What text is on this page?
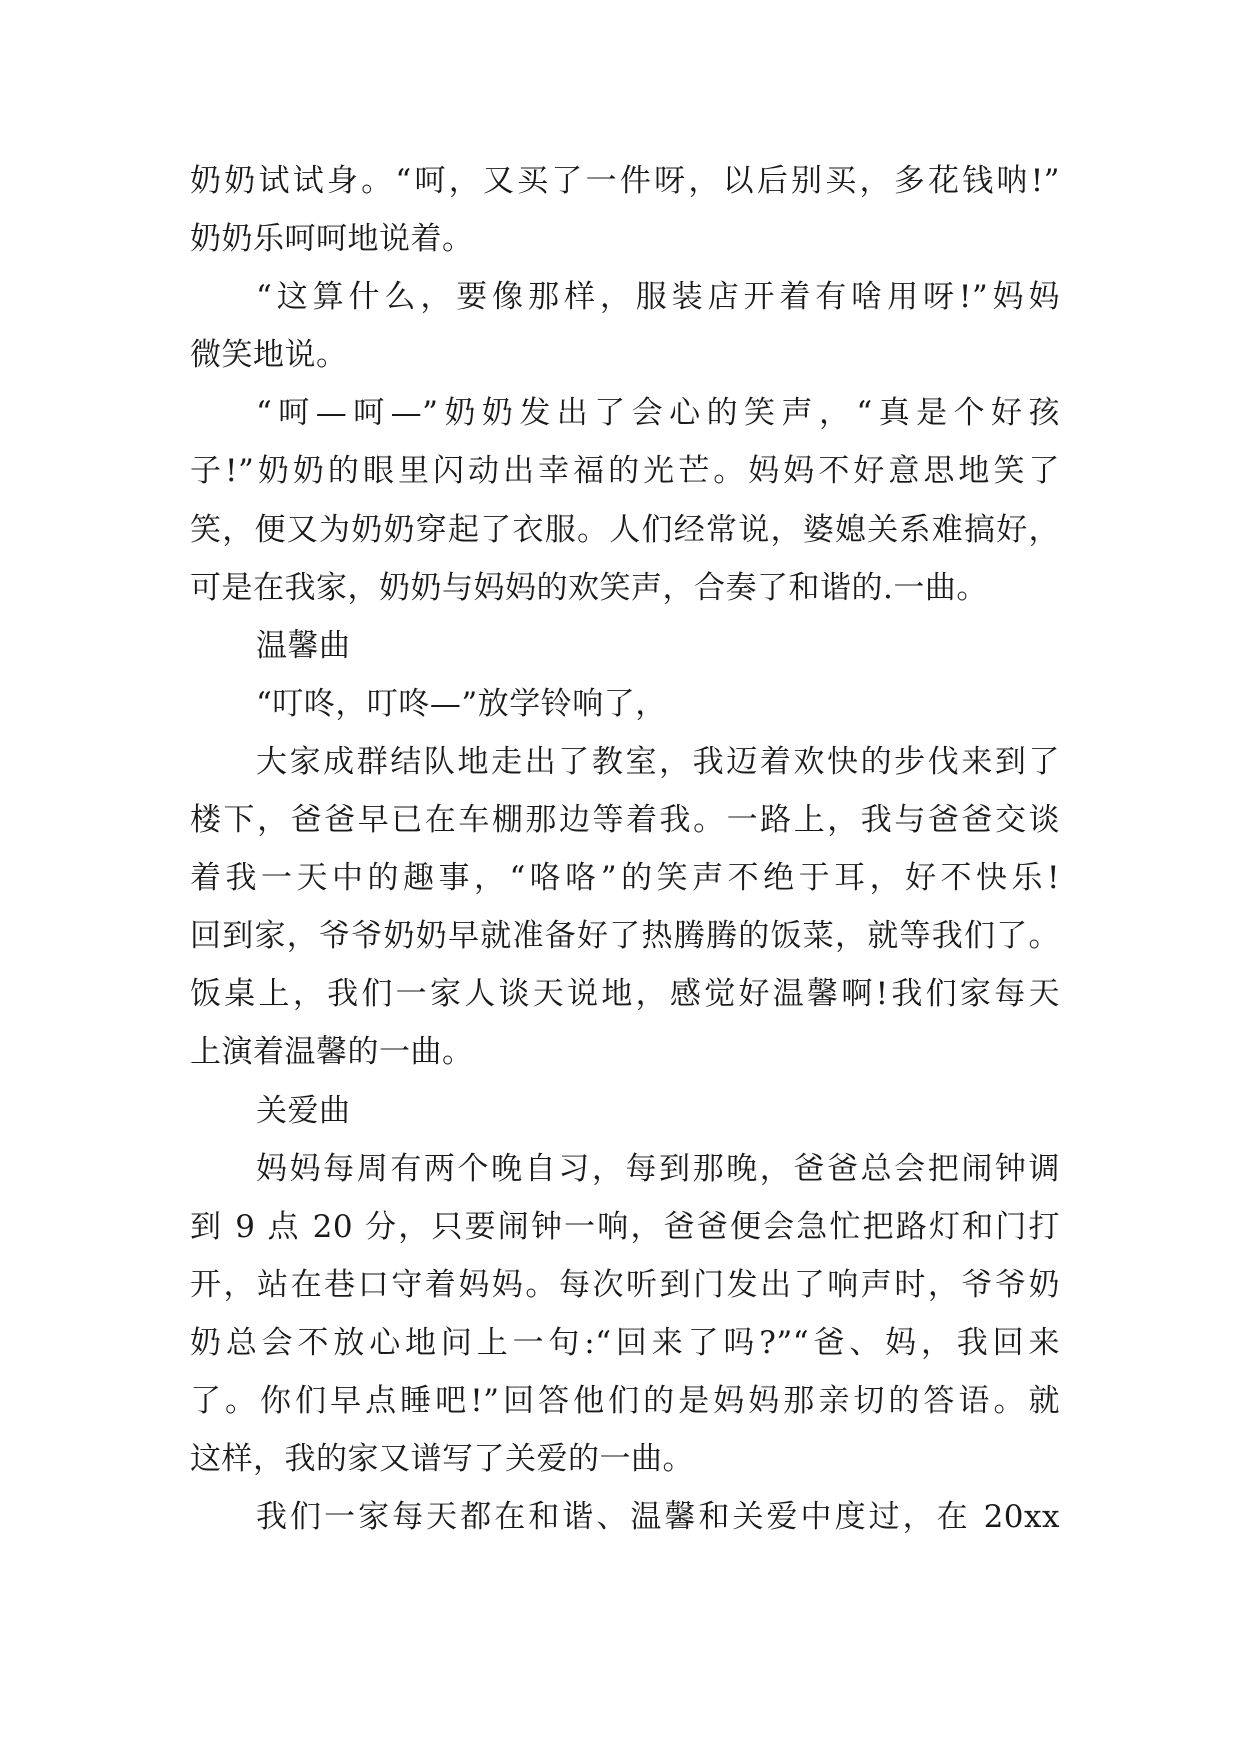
奶奶试试身。“呵，又买了一件呀，以后别买，多花钱呐!”
奶奶乐呵呵地说着。
“这算什么，要像那样，服装店开着有啥用呀!”妈妈
微笑地说。
“呵—呵—”奶奶发出了会心的笑声，“真是个好孩
子!”奶奶的眼里闪动出幸福的光芒。妈妈不好意思地笑了
笑，便又为奶奶穿起了衣服。人们经常说，婆媳关系难搞好，
可是在我家，奶奶与妈妈的欢笑声，合奏了和谐的.一曲。
温馨曲
“叮咚，叮咚—”放学铃响了，
大家成群结队地走出了教室，我迈着欢快的步伐来到了
楼下，爸爸早已在车棚那边等着我。一路上，我与爸爸交谈
着我一天中的趣事，“咯咯”的笑声不绝于耳，好不快乐!
回到家，爷爷奶奶早就准备好了热腾腾的饭菜，就等我们了。
饭桌上，我们一家人谈天说地，感觉好温馨啊!我们家每天
上演着温馨的一曲。
关爱曲
妈妈每周有两个晚自习，每到那晚，爸爸总会把闹钟调
到 9 点 20 分，只要闹钟一响，爸爸便会急忙把路灯和门打
开，站在巷口守着妈妈。每次听到门发出了响声时，爷爷奶
奶总会不放心地问上一句:“回来了吗?”“爸、妈，我回来
了。你们早点睡吧!”回答他们的是妈妈那亲切的答语。就
这样，我的家又谱写了关爱的一曲。
我们一家每天都在和谐、温馨和关爱中度过，在 20xx
